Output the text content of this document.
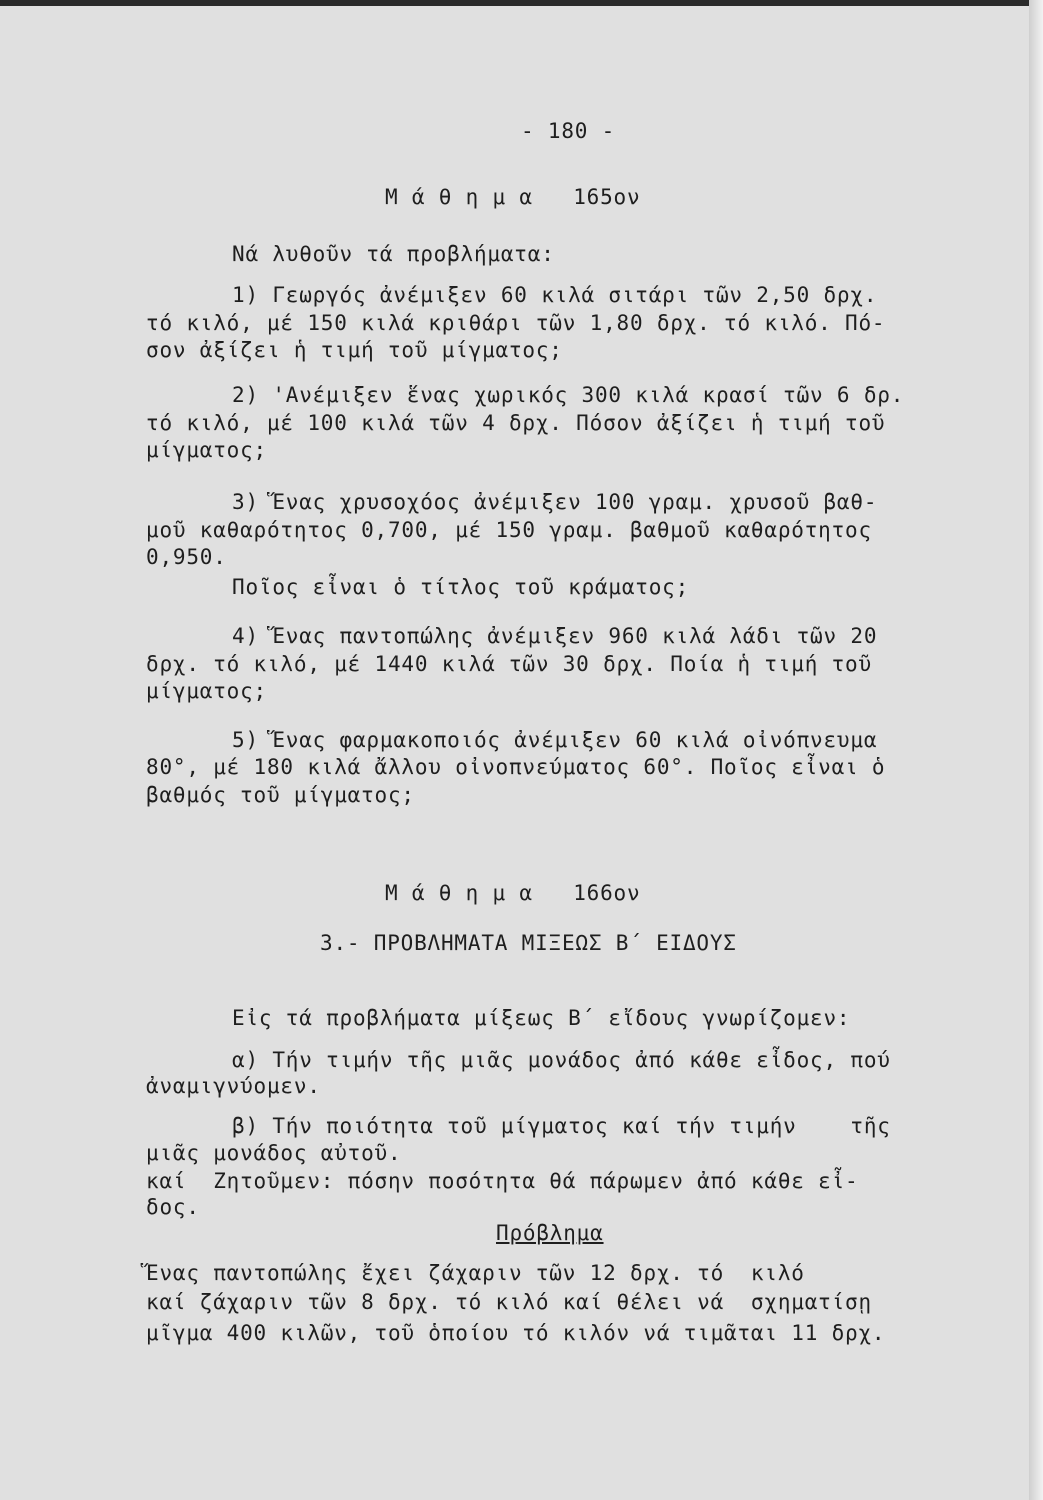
- 180 -
Μ ά θ η μ α   165ον
Νά λυθοῦν τά προβλήματα:
1) Γεωργός ἀνέμιξεν 60 κιλά σιτάρι τῶν 2,50 δρχ.
τό κιλό, μέ 150 κιλά κριθάρι τῶν 1,80 δρχ. τό κιλό. Πό-
σον ἀξίζει ἡ τιμή τοῦ μίγματος;
2) 'Ανέμιξεν ἕνας χωρικός 300 κιλά κρασί τῶν 6 δρ.
τό κιλό, μέ 100 κιλά τῶν 4 δρχ. Πόσον ἀξίζει ἡ τιμή τοῦ
μίγματος;
3) Ἕνας χρυσοχόος ἀνέμιξεν 100 γραμ. χρυσοῦ βαθ-
μοῦ καθαρότητος 0,700, μέ 150 γραμ. βαθμοῦ καθαρότητος
0,950.
Ποῖος εἶναι ὁ τίτλος τοῦ κράματος;
4) Ἕνας παντοπώλης ἀνέμιξεν 960 κιλά λάδι τῶν 20
δρχ. τό κιλό, μέ 1440 κιλά τῶν 30 δρχ. Ποία ἡ τιμή τοῦ
μίγματος;
5) Ἕνας φαρμακοποιός ἀνέμιξεν 60 κιλά οἰνόπνευμα
80°, μέ 180 κιλά ἄλλου οἰνοπνεύματος 60°. Ποῖος εἶναι ὁ
βαθμός τοῦ μίγματος;
Μ ά θ η μ α   166ον
3.- ΠΡΟΒΛΗΜΑΤΑ ΜΙΞΕΩΣ Β΄ ΕΙΔΟΥΣ
Εἰς τά προβλήματα μίξεως Β΄ εἴδους γνωρίζομεν:
α) Τήν τιμήν τῆς μιᾶς μονάδος ἀπό κάθε εἶδος, πού
ἀναμιγνύομεν.
β) Τήν ποιότητα τοῦ μίγματος καί τήν τιμήν    τῆς
μιᾶς μονάδος αὐτοῦ.
καί  Ζητοῦμεν: πόσην ποσότητα θά πάρωμεν ἀπό κάθε εἶ-
δος.
Πρόβλημα
Ἕνας παντοπώλης ἔχει ζάχαριν τῶν 12 δρχ. τό  κιλό
καί ζάχαριν τῶν 8 δρχ. τό κιλό καί θέλει νά  σχηματίσῃ
μῖγμα 400 κιλῶν, τοῦ ὁποίου τό κιλόν νά τιμᾶται 11 δρχ.
